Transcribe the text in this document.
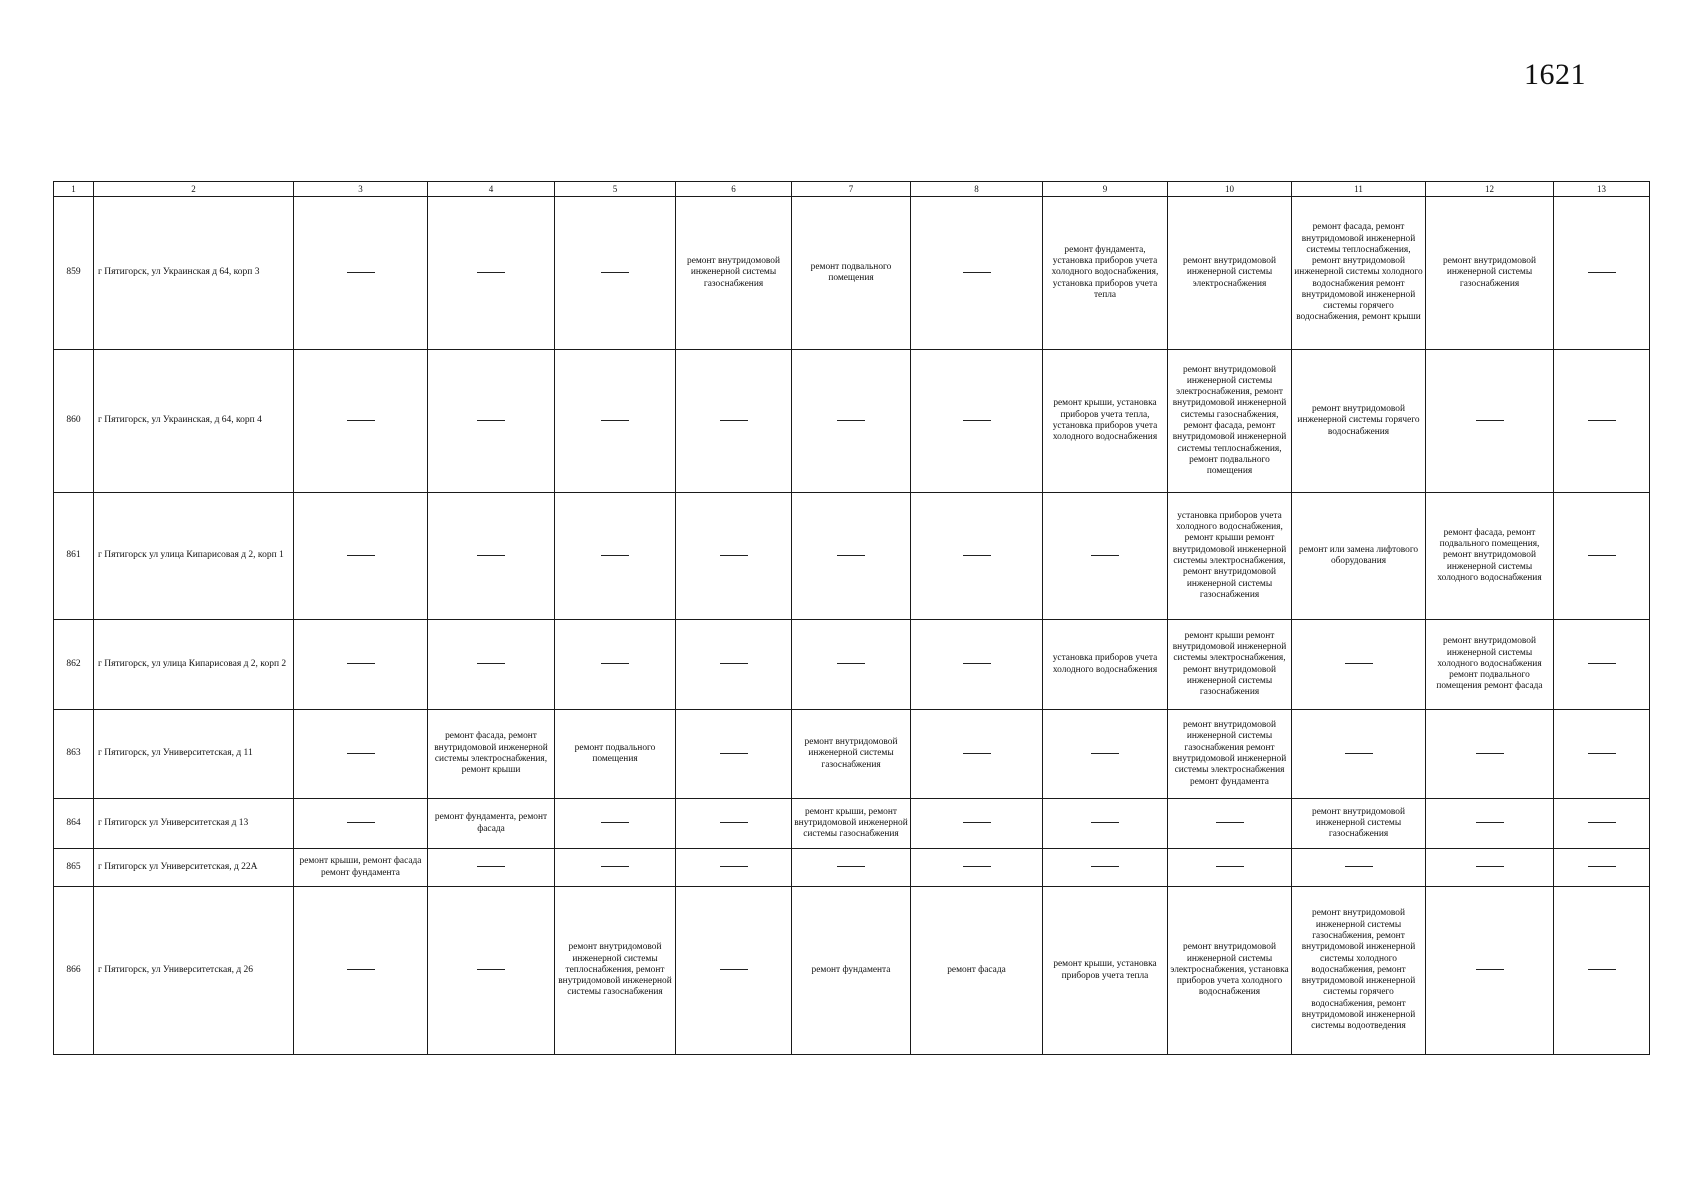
1621
1	2	3	4	5	6	7	8	9	10	11	12	13
859	г Пятигорск, ул Украинская д 64, корп 3				ремонт внутридомовой инженерной системы газоснабжения	ремонт подвального помещения		ремонт фундамента, установка приборов учета холодного водоснабжения, установка приборов учета тепла	ремонт внутридомовой инженерной системы электроснабжения	ремонт фасада, ремонт внутридомовой инженерной системы теплоснабжения, ремонт внутридомовой инженерной системы холодного водоснабжения ремонт внутридомовой инженерной системы горячего водоснабжения, ремонт крыши	ремонт внутридомовой инженерной системы газоснабжения	

860	г Пятигорск, ул Украинская, д 64, корп 4							ремонт крыши, установка приборов учета тепла, установка приборов учета холодного водоснабжения	ремонт внутридомовой инженерной системы электроснабжения, ремонт внутридомовой инженерной системы газоснабжения, ремонт фасада, ремонт внутридомовой инженерной системы теплоснабжения, ремонт подвального помещения	ремонт внутридомовой инженерной системы горячего водоснабжения		

861	г Пятигорск ул улица Кипарисовая д 2, корп 1								установка приборов учета холодного водоснабжения, ремонт крыши ремонт внутридомовой инженерной системы электроснабжения, ремонт внутридомовой инженерной системы газоснабжения	ремонт или замена лифтового оборудования	ремонт фасада, ремонт подвального помещения, ремонт внутридомовой инженерной системы холодного водоснабжения	

862	г Пятигорск, ул улица Кипарисовая д 2, корп 2							установка приборов учета холодного водоснабжения	ремонт крыши ремонт внутридомовой инженерной системы электроснабжения, ремонт внутридомовой инженерной системы газоснабжения		ремонт внутридомовой инженерной системы холодного водоснабжения ремонт подвального помещения ремонт фасада	

863	г Пятигорск, ул Университетская, д 11		ремонт фасада, ремонт внутридомовой инженерной системы электроснабжения, ремонт крыши	ремонт подвального помещения		ремонт внутридомовой инженерной системы газоснабжения			ремонт внутридомовой инженерной системы газоснабжения ремонт внутридомовой инженерной системы электроснабжения ремонт фундамента			

864	г Пятигорск ул Университетская д 13		ремонт фундамента, ремонт фасада			ремонт крыши, ремонт внутридомовой инженерной системы газоснабжения				ремонт внутридомовой инженерной системы газоснабжения		

865	г Пятигорск ул Университетская, д 22А	ремонт крыши, ремонт фасада ремонт фундамента										

866	г Пятигорск, ул Университетская, д 26			ремонт внутридомовой инженерной системы теплоснабжения, ремонт внутридомовой инженерной системы газоснабжения		ремонт фундамента	ремонт фасада	ремонт крыши, установка приборов учета тепла	ремонт внутридомовой инженерной системы электроснабжения, установка приборов учета холодного водоснабжения	ремонт внутридомовой инженерной системы газоснабжения, ремонт внутридомовой инженерной системы холодного водоснабжения, ремонт внутридомовой инженерной системы горячего водоснабжения, ремонт внутридомовой инженерной системы водоотведения		
